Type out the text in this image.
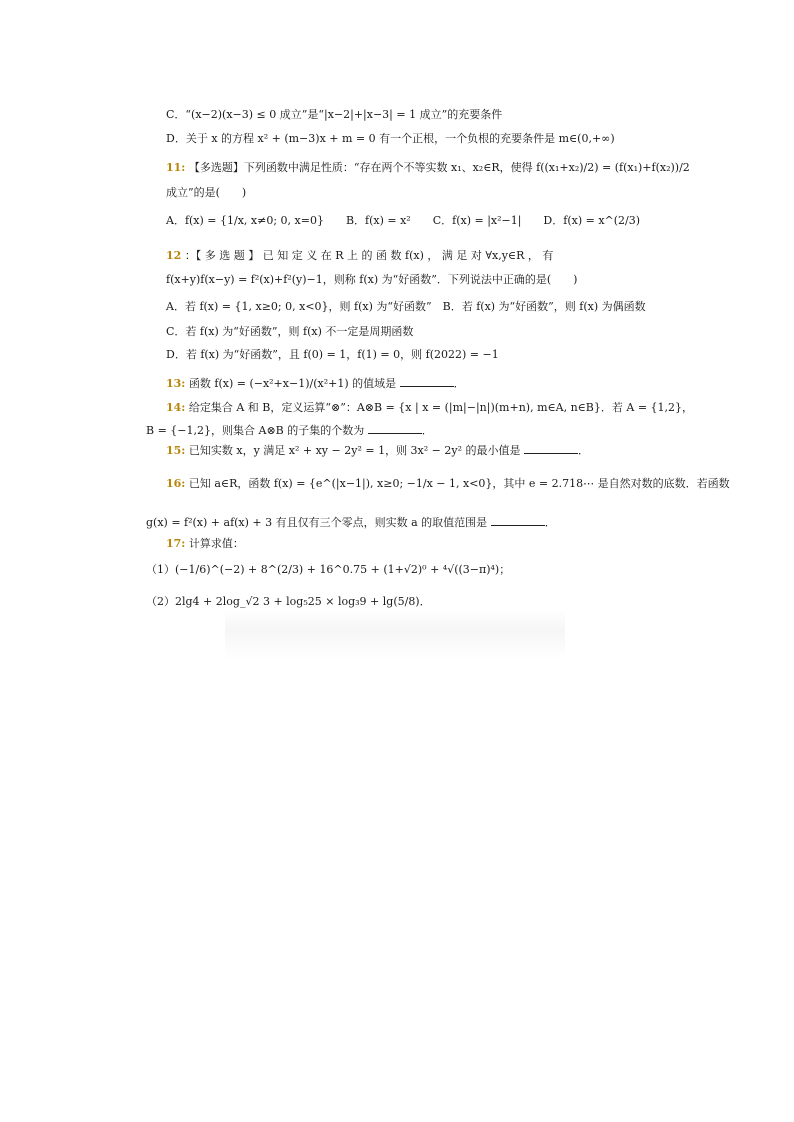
C．“(x−2)(x−3) ≤ 0 成立”是“|x−2|+|x−3| = 1 成立”的充要条件
D．关于 x 的方程 x² + (m−3)x + m = 0 有一个正根，一个负根的充要条件是 m∈(0,+∞)
11: 【多选题】下列函数中满足性质：“存在两个不等实数 x₁、x₂∈R，使得 f((x₁+x₂)/2) = (f(x₁)+f(x₂))/2
成立”的是(　　)
A．f(x) = {1/x, x≠0; 0, x=0}　　B．f(x) = x²　　C．f(x) = |x²−1|　　D．f(x) = x^(2/3)
12 ：【 多 选 题 】 已 知 定 义 在 R 上 的 函 数 f(x) ， 满 足 对 ∀x,y∈R ， 有
f(x+y)f(x−y) = f²(x)+f²(y)−1，则称 f(x) 为“好函数”．下列说法中正确的是(　　)
A．若 f(x) = {1, x≥0; 0, x<0}，则 f(x) 为“好函数”　B．若 f(x) 为“好函数”，则 f(x) 为偶函数
C．若 f(x) 为“好函数”，则 f(x) 不一定是周期函数
D．若 f(x) 为“好函数”，且 f(0) = 1，f(1) = 0，则 f(2022) = −1
13: 函数 f(x) = (−x²+x−1)/(x²+1) 的值域是	．
14: 给定集合 A 和 B，定义运算“⊗”：A⊗B = {x | x = (|m|−|n|)(m+n), m∈A, n∈B}．若 A = {1,2}，
B = {−1,2}，则集合 A⊗B 的子集的个数为	．
15: 已知实数 x，y 满足 x² + xy − 2y² = 1，则 3x² − 2y² 的最小值是	．
16: 已知 a∈R，函数 f(x) = {e^(|x−1|), x≥0; −1/x − 1, x<0}，其中 e = 2.718⋯ 是自然对数的底数．若函数
g(x) = f²(x) + af(x) + 3 有且仅有三个零点，则实数 a 的取值范围是	．
17: 计算求值：
（1）(−1/6)^(−2) + 8^(2/3) + 16^0.75 + (1+√2)⁰ + ⁴√((3−π)⁴)；
（2）2lg4 + 2log_√2 3 + log₅25 × log₃9 + lg(5/8)．
